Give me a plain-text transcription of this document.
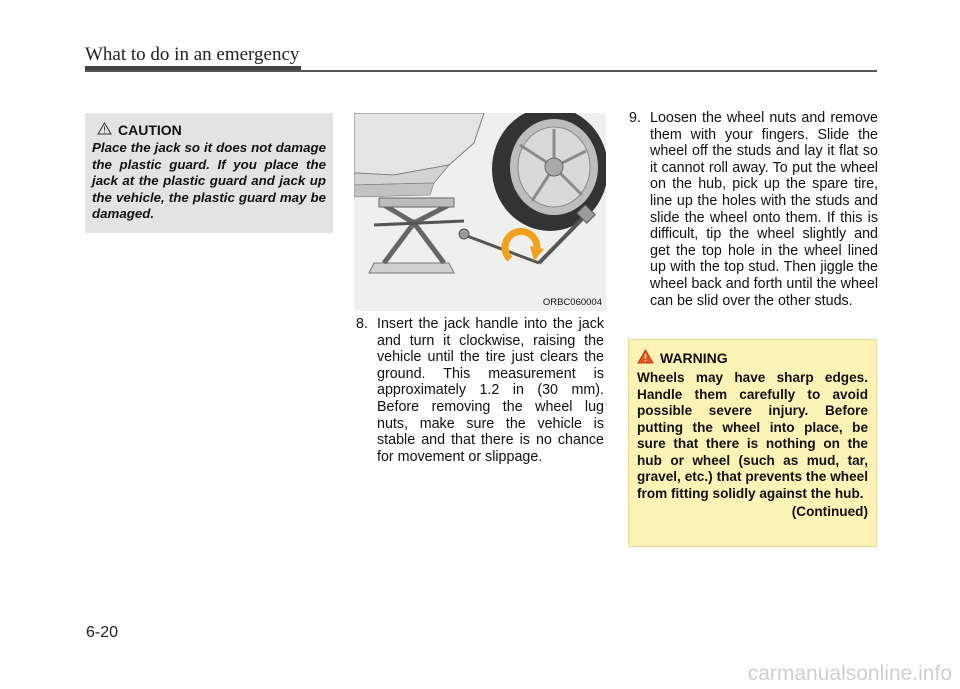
What to do in an emergency
CAUTION
Place the jack so it does not damage the plastic guard. If you place the jack at the plastic guard and jack up the vehicle, the plastic guard may be damaged.
ORBC060004
8. Insert the jack handle into the jack and turn it clockwise, raising the vehicle until the tire just clears the ground. This measurement is approximately 1.2 in (30 mm). Before removing the wheel lug nuts, make sure the vehicle is stable and that there is no chance for movement or slippage.
9. Loosen the wheel nuts and remove them with your fingers. Slide the wheel off the studs and lay it flat so it cannot roll away. To put the wheel on the hub, pick up the spare tire, line up the holes with the studs and slide the wheel onto them. If this is difficult, tip the wheel slightly and get the top hole in the wheel lined up with the top stud. Then jiggle the wheel back and forth until the wheel can be slid over the other studs.
WARNING
Wheels may have sharp edges. Handle them carefully to avoid possible severe injury. Before putting the wheel into place, be sure that there is nothing on the hub or wheel (such as mud, tar, gravel, etc.) that prevents the wheel from fitting solidly against the hub.
(Continued)
6-20
carmanualsonline.info
